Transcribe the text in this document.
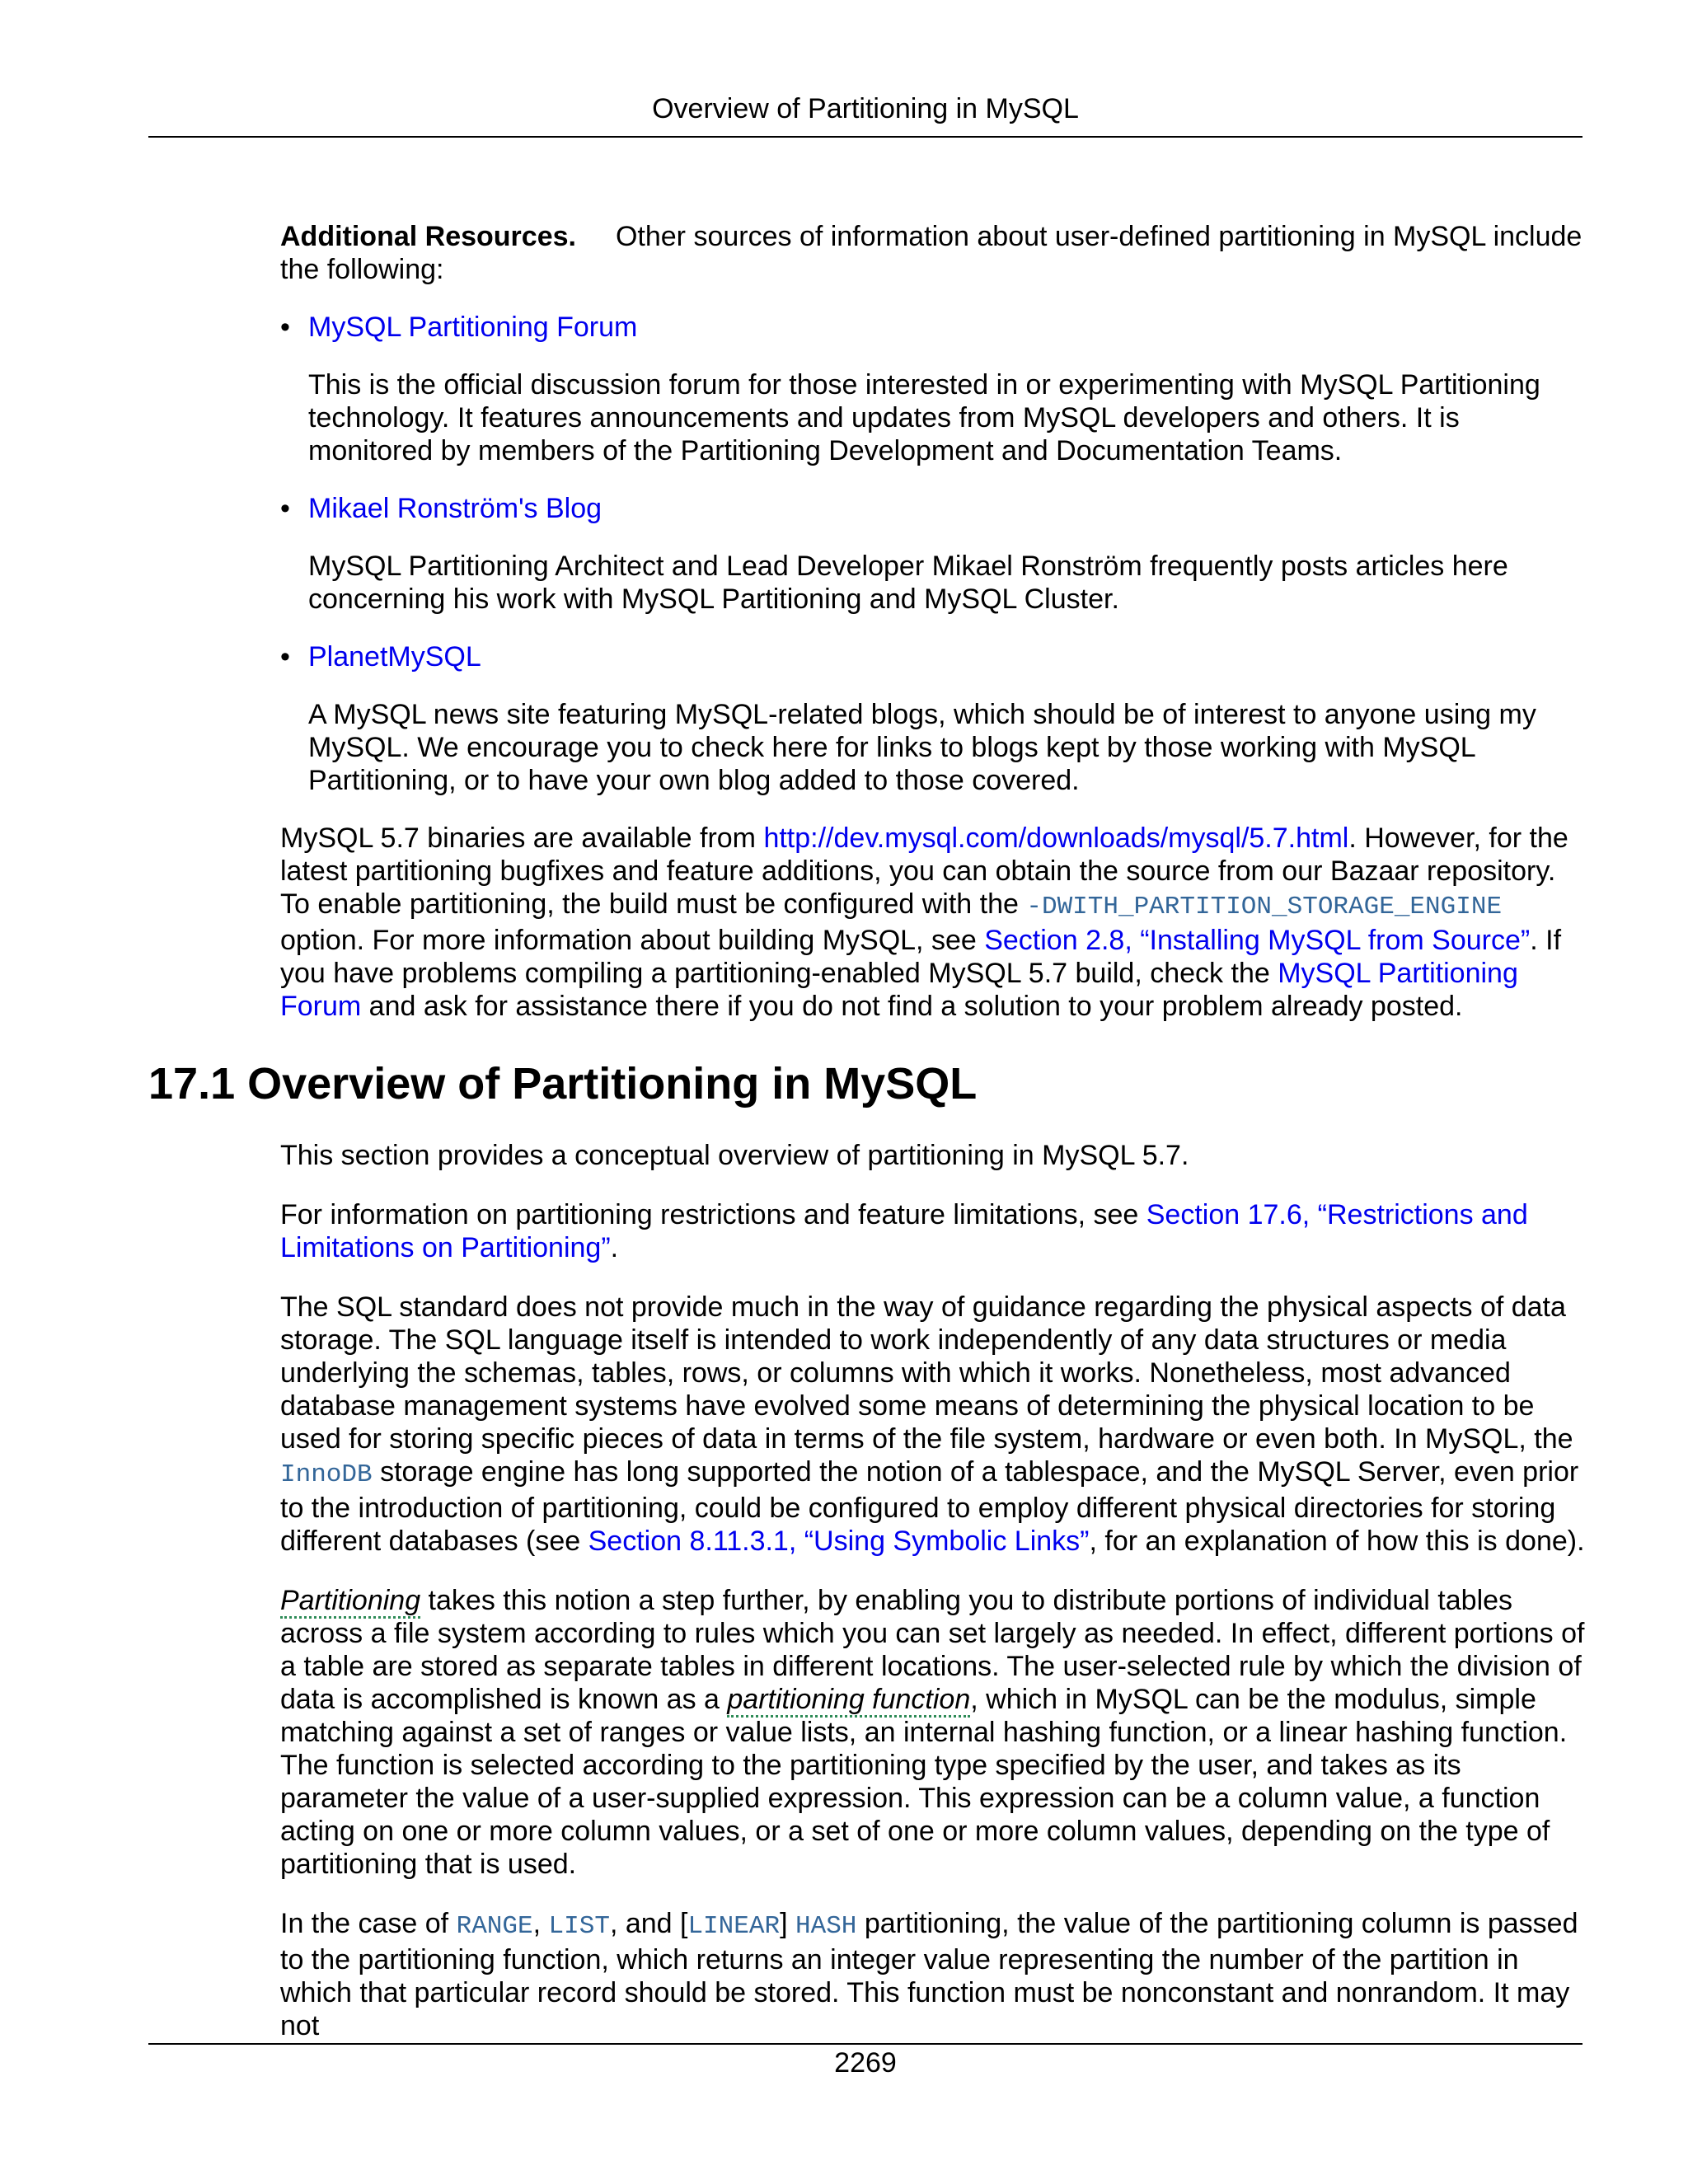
Overview of Partitioning in MySQL

Additional Resources. Other sources of information about user-defined partitioning in MySQL include the following:

• MySQL Partitioning Forum
This is the official discussion forum for those interested in or experimenting with MySQL Partitioning technology. It features announcements and updates from MySQL developers and others. It is monitored by members of the Partitioning Development and Documentation Teams.
• Mikael Ronström's Blog
MySQL Partitioning Architect and Lead Developer Mikael Ronström frequently posts articles here concerning his work with MySQL Partitioning and MySQL Cluster.
• PlanetMySQL
A MySQL news site featuring MySQL-related blogs, which should be of interest to anyone using my MySQL. We encourage you to check here for links to blogs kept by those working with MySQL Partitioning, or to have your own blog added to those covered.

MySQL 5.7 binaries are available from http://dev.mysql.com/downloads/mysql/5.7.html. However, for the latest partitioning bugfixes and feature additions, you can obtain the source from our Bazaar repository. To enable partitioning, the build must be configured with the -DWITH_PARTITION_STORAGE_ENGINE option. For more information about building MySQL, see Section 2.8, “Installing MySQL from Source”. If you have problems compiling a partitioning-enabled MySQL 5.7 build, check the MySQL Partitioning Forum and ask for assistance there if you do not find a solution to your problem already posted.

17.1 Overview of Partitioning in MySQL

This section provides a conceptual overview of partitioning in MySQL 5.7.

For information on partitioning restrictions and feature limitations, see Section 17.6, “Restrictions and Limitations on Partitioning”.

The SQL standard does not provide much in the way of guidance regarding the physical aspects of data storage. The SQL language itself is intended to work independently of any data structures or media underlying the schemas, tables, rows, or columns with which it works. Nonetheless, most advanced database management systems have evolved some means of determining the physical location to be used for storing specific pieces of data in terms of the file system, hardware or even both. In MySQL, the InnoDB storage engine has long supported the notion of a tablespace, and the MySQL Server, even prior to the introduction of partitioning, could be configured to employ different physical directories for storing different databases (see Section 8.11.3.1, “Using Symbolic Links”, for an explanation of how this is done).

Partitioning takes this notion a step further, by enabling you to distribute portions of individual tables across a file system according to rules which you can set largely as needed. In effect, different portions of a table are stored as separate tables in different locations. The user-selected rule by which the division of data is accomplished is known as a partitioning function, which in MySQL can be the modulus, simple matching against a set of ranges or value lists, an internal hashing function, or a linear hashing function. The function is selected according to the partitioning type specified by the user, and takes as its parameter the value of a user-supplied expression. This expression can be a column value, a function acting on one or more column values, or a set of one or more column values, depending on the type of partitioning that is used.

In the case of RANGE, LIST, and [LINEAR] HASH partitioning, the value of the partitioning column is passed to the partitioning function, which returns an integer value representing the number of the partition in which that particular record should be stored. This function must be nonconstant and nonrandom. It may not

2269
